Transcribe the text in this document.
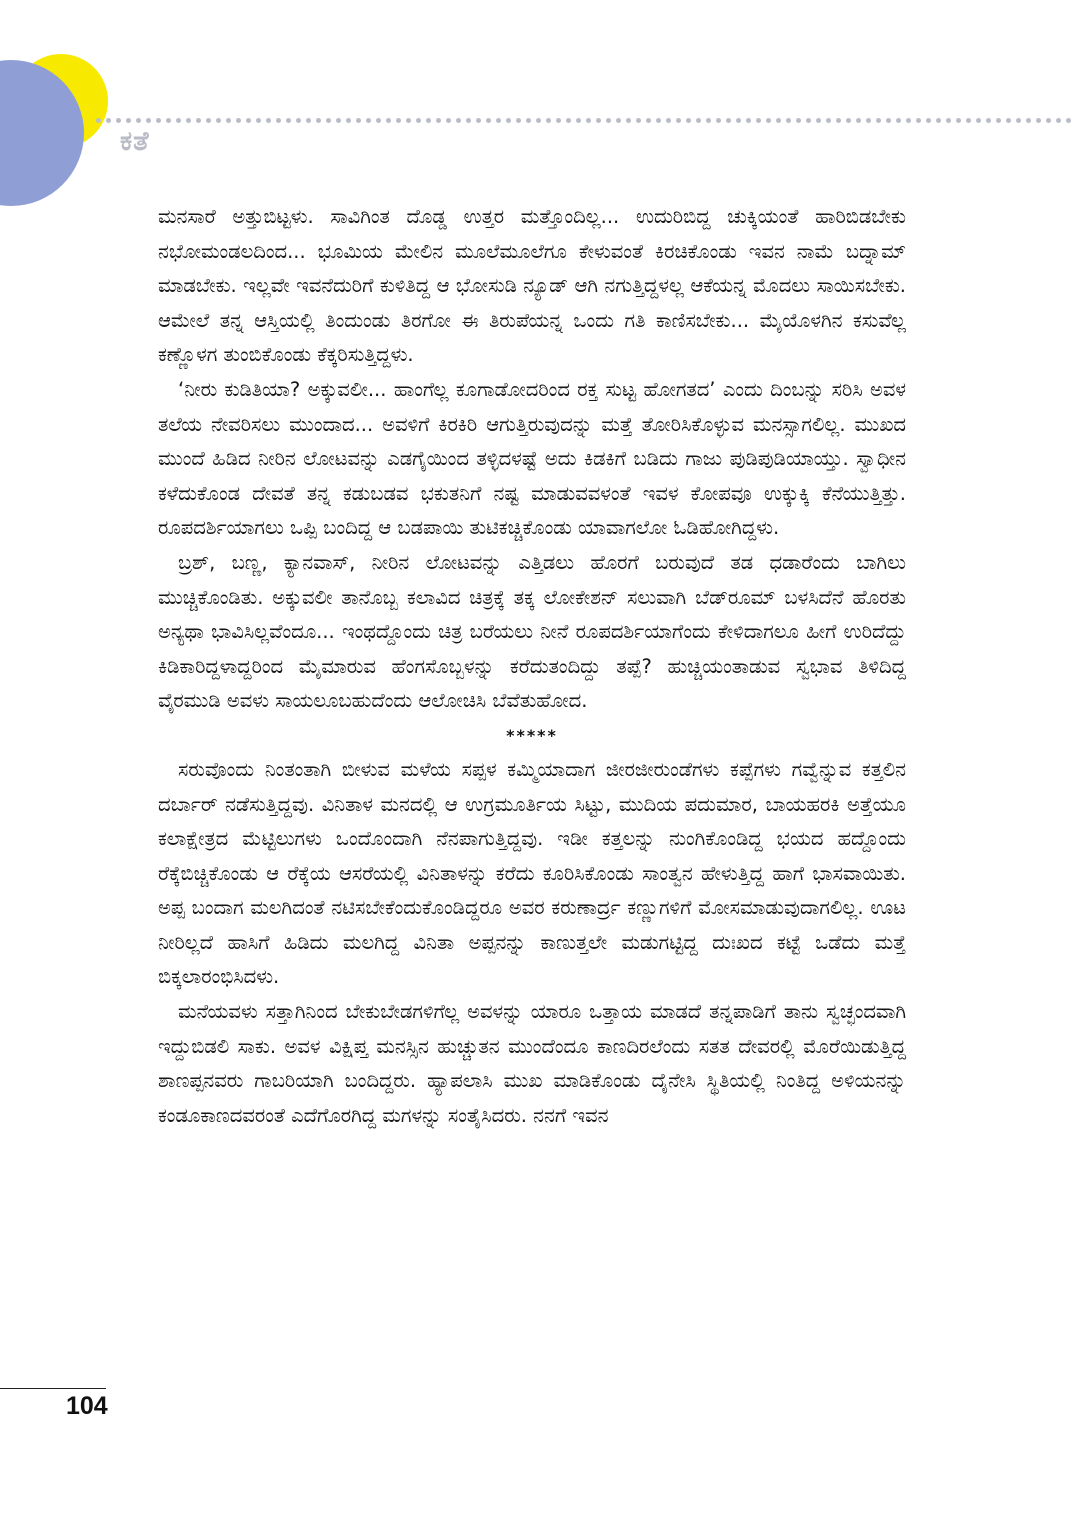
ಕತೆ

ಮನಸಾರೆ ಅತ್ತುಬಿಟ್ಟಳು. ಸಾವಿಗಿಂತ ದೊಡ್ಡ ಉತ್ತರ ಮತ್ತೊಂದಿಲ್ಲ... ಉದುರಿಬಿದ್ದ ಚುಕ್ಕಿಯಂತೆ ಹಾರಿಬಿಡಬೇಕು ನಭೋಮಂಡಲದಿಂದ... ಭೂಮಿಯ ಮೇಲಿನ ಮೂಲೆಮೂಲೆಗೂ ಕೇಳುವಂತೆ ಕಿರಚಿಕೊಂಡು ಇವನ ನಾಮೆ ಬದ್ನಾಮ್ ಮಾಡಬೇಕು. ಇಲ್ಲವೇ ಇವನೆದುರಿಗೆ ಕುಳಿತಿದ್ದ ಆ ಭೋಸುಡಿ ನ್ಯೂಡ್ ಆಗಿ ನಗುತ್ತಿದ್ದಳಲ್ಲ ಆಕೆಯನ್ನ ಮೊದಲು ಸಾಯಿಸಬೇಕು. ಆಮೇಲೆ ತನ್ನ ಆಸ್ತಿಯಲ್ಲಿ ತಿಂದುಂಡು ತಿರಗೋ ಈ ತಿರುಪೆಯನ್ನ ಒಂದು ಗತಿ ಕಾಣಿಸಬೇಕು... ಮೈಯೊಳಗಿನ ಕಸುವೆಲ್ಲ ಕಣ್ಣೊಳಗ ತುಂಬಿಕೊಂಡು ಕೆಕ್ಕರಿಸುತ್ತಿದ್ದಳು.

‘ನೀರು ಕುಡಿತಿಯಾ? ಅಕ್ಕುವಲೀ... ಹಾಂಗೆಲ್ಲ ಕೂಗಾಡೋದರಿಂದ ರಕ್ತ ಸುಟ್ಟ ಹೋಗತದ’ ಎಂದು ದಿಂಬನ್ನು ಸರಿಸಿ ಅವಳ ತಲೆಯ ನೇವರಿಸಲು ಮುಂದಾದ... ಅವಳಿಗೆ ಕಿರಕಿರಿ ಆಗುತ್ತಿರುವುದನ್ನು ಮತ್ತೆ ತೋರಿಸಿಕೊಳ್ಳುವ ಮನಸ್ಸಾಗಲಿಲ್ಲ. ಮುಖದ ಮುಂದೆ ಹಿಡಿದ ನೀರಿನ ಲೋಟವನ್ನು ಎಡಗೈಯಿಂದ ತಳ್ಳಿದಳಷ್ಟೆ ಅದು ಕಿಡಕಿಗೆ ಬಡಿದು ಗಾಜು ಪುಡಿಪುಡಿಯಾಯ್ತು. ಸ್ವಾಧೀನ ಕಳೆದುಕೊಂಡ ದೇವತೆ ತನ್ನ ಕಡುಬಡವ ಭಕುತನಿಗೆ ನಷ್ಟ ಮಾಡುವವಳಂತೆ ಇವಳ ಕೋಪವೂ ಉಕ್ಕುಕ್ಕಿ ಕೆನೆಯುತ್ತಿತ್ತು. ರೂಪದರ್ಶಿಯಾಗಲು ಒಪ್ಪಿ ಬಂದಿದ್ದ ಆ ಬಡಪಾಯಿ ತುಟಿಕಚ್ಚಿಕೊಂಡು ಯಾವಾಗಲೋ ಓಡಿಹೋಗಿದ್ದಳು.

ಬ್ರಶ್, ಬಣ್ಣ, ಕ್ಯಾನವಾಸ್, ನೀರಿನ ಲೋಟವನ್ನು ಎತ್ತಿಡಲು ಹೊರಗೆ ಬರುವುದೆ ತಡ ಧಡಾರೆಂದು ಬಾಗಿಲು ಮುಚ್ಚಿಕೊಂಡಿತು. ಅಕ್ಕುವಲೀ ತಾನೊಬ್ಬ ಕಲಾವಿದ ಚಿತ್ರಕ್ಕೆ ತಕ್ಕ ಲೋಕೇಶನ್ ಸಲುವಾಗಿ ಬೆಡ್‌ರೂಮ್ ಬಳಸಿದೆನೆ ಹೊರತು ಅನ್ಯಥಾ ಭಾವಿಸಿಲ್ಲವೆಂದೂ... ಇಂಥದ್ದೊಂದು ಚಿತ್ರ ಬರೆಯಲು ನೀನೆ ರೂಪದರ್ಶಿಯಾಗೆಂದು ಕೇಳಿದಾಗಲೂ ಹೀಗೆ ಉರಿದೆದ್ದು ಕಿಡಿಕಾರಿದ್ದಳಾದ್ದರಿಂದ ಮೈಮಾರುವ ಹೆಂಗಸೊಬ್ಬಳನ್ನು ಕರೆದುತಂದಿದ್ದು ತಪ್ಪೆ? ಹುಚ್ಚಿಯಂತಾಡುವ ಸ್ವಭಾವ ತಿಳಿದಿದ್ದ ವೈರಮುಡಿ ಅವಳು ಸಾಯಲೂಬಹುದೆಂದು ಆಲೋಚಿಸಿ ಬೆವೆತುಹೋದ.

*****

ಸರುವೊಂದು ನಿಂತಂತಾಗಿ ಬೀಳುವ ಮಳೆಯ ಸಪ್ಪಳ ಕಮ್ಮಿಯಾದಾಗ ಜೀರಜೀರುಂಡೆಗಳು ಕಪ್ಪೆಗಳು ಗವ್ವೆನ್ನುವ ಕತ್ತಲಿನ ದರ್ಬಾರ್ ನಡೆಸುತ್ತಿದ್ದವು. ವಿನಿತಾಳ ಮನದಲ್ಲಿ ಆ ಉಗ್ರಮೂರ್ತಿಯ ಸಿಟ್ಟು, ಮುದಿಯ ಪದುಮಾರ, ಬಾಯಹರಕಿ ಅತ್ತೆಯೂ ಕಲಾಕ್ಷೇತ್ರದ ಮೆಟ್ಟಿಲುಗಳು ಒಂದೊಂದಾಗಿ ನೆನಪಾಗುತ್ತಿದ್ದವು. ಇಡೀ ಕತ್ತಲನ್ನು ನುಂಗಿಕೊಂಡಿದ್ದ ಭಯದ ಹದ್ದೊಂದು ರೆಕ್ಕೆಬಿಚ್ಚಿಕೊಂಡು ಆ ರೆಕ್ಕೆಯ ಆಸರೆಯಲ್ಲಿ ವಿನಿತಾಳನ್ನು ಕರೆದು ಕೂರಿಸಿಕೊಂಡು ಸಾಂತ್ವನ ಹೇಳುತ್ತಿದ್ದ ಹಾಗೆ ಭಾಸವಾಯಿತು. ಅಪ್ಪ ಬಂದಾಗ ಮಲಗಿದಂತೆ ನಟಿಸಬೇಕೆಂದುಕೊಂಡಿದ್ದರೂ ಅವರ ಕರುಣಾರ್ದ್ರ ಕಣ್ಣುಗಳಿಗೆ ಮೋಸಮಾಡುವುದಾಗಲಿಲ್ಲ. ಊಟ ನೀರಿಲ್ಲದೆ ಹಾಸಿಗೆ ಹಿಡಿದು ಮಲಗಿದ್ದ ವಿನಿತಾ ಅಪ್ಪನನ್ನು ಕಾಣುತ್ತಲೇ ಮಡುಗಟ್ಟಿದ್ದ ದುಃಖದ ಕಟ್ಟೆ ಒಡೆದು ಮತ್ತೆ ಬಿಕ್ಕಲಾರಂಭಿಸಿದಳು.

ಮನೆಯವಳು ಸತ್ತಾಗಿನಿಂದ ಬೇಕುಬೇಡಗಳಿಗೆಲ್ಲ ಅವಳನ್ನು ಯಾರೂ ಒತ್ತಾಯ ಮಾಡದೆ ತನ್ನಪಾಡಿಗೆ ತಾನು ಸ್ವಚ್ಛಂದವಾಗಿ ಇದ್ದುಬಿಡಲಿ ಸಾಕು. ಅವಳ ವಿಕ್ಷಿಪ್ತ ಮನಸ್ಸಿನ ಹುಚ್ಚುತನ ಮುಂದೆಂದೂ ಕಾಣದಿರಲೆಂದು ಸತತ ದೇವರಲ್ಲಿ ಮೊರೆಯಿಡುತ್ತಿದ್ದ ಶಾಣಪ್ಪನವರು ಗಾಬರಿಯಾಗಿ ಬಂದಿದ್ದರು. ಹ್ಯಾಪಲಾಸಿ ಮುಖ ಮಾಡಿಕೊಂಡು ದೈನೇಸಿ ಸ್ಥಿತಿಯಲ್ಲಿ ನಿಂತಿದ್ದ ಅಳಿಯನನ್ನು ಕಂಡೂಕಾಣದವರಂತೆ ಎದೆಗೊರಗಿದ್ದ ಮಗಳನ್ನು ಸಂತೈಸಿದರು. ನನಗೆ ಇವನ

104
